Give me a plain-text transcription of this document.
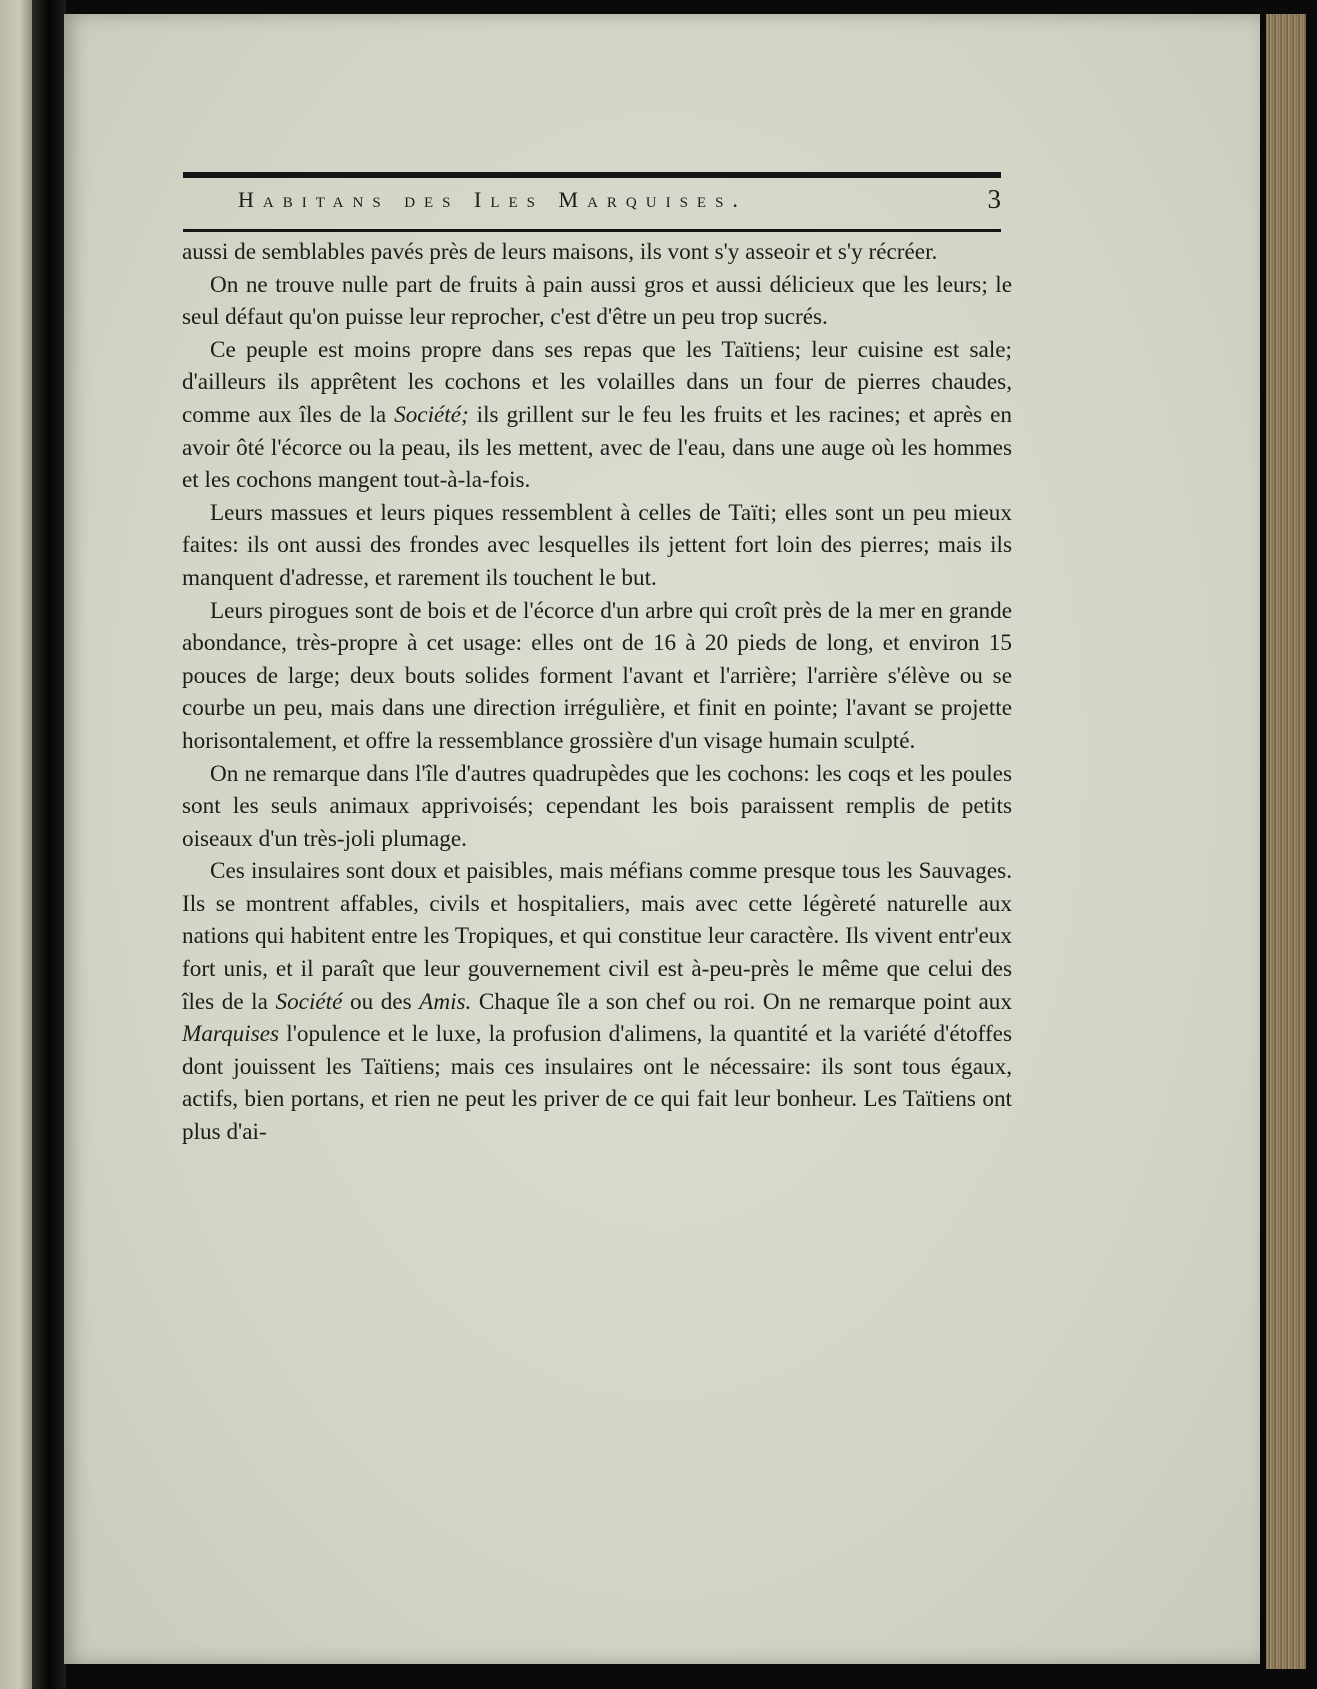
Habitans des Iles Marquises.	3

aussi de semblables pavés près de leurs maisons, ils vont s'y asseoir et s'y récréer.

On ne trouve nulle part de fruits à pain aussi gros et aussi délicieux que les leurs; le seul défaut qu'on puisse leur reprocher, c'est d'être un peu trop sucrés.

Ce peuple est moins propre dans ses repas que les Taïtiens; leur cuisine est sale; d'ailleurs ils apprêtent les cochons et les volailles dans un four de pierres chaudes, comme aux îles de la Société; ils grillent sur le feu les fruits et les racines; et après en avoir ôté l'écorce ou la peau, ils les mettent, avec de l'eau, dans une auge où les hommes et les cochons mangent tout-à-la-fois.

Leurs massues et leurs piques ressemblent à celles de Taïti; elles sont un peu mieux faites: ils ont aussi des frondes avec lesquelles ils jettent fort loin des pierres; mais ils manquent d'adresse, et rarement ils touchent le but.

Leurs pirogues sont de bois et de l'écorce d'un arbre qui croît près de la mer en grande abondance, très-propre à cet usage: elles ont de 16 à 20 pieds de long, et environ 15 pouces de large; deux bouts solides forment l'avant et l'arrière; l'arrière s'élève ou se courbe un peu, mais dans une direction irrégulière, et finit en pointe; l'avant se projette horisontalement, et offre la ressemblance grossière d'un visage humain sculpté.

On ne remarque dans l'île d'autres quadrupèdes que les cochons: les coqs et les poules sont les seuls animaux apprivoisés; cependant les bois paraissent remplis de petits oiseaux d'un très-joli plumage.

Ces insulaires sont doux et paisibles, mais méfians comme presque tous les Sauvages. Ils se montrent affables, civils et hospitaliers, mais avec cette légèreté naturelle aux nations qui habitent entre les Tropiques, et qui constitue leur caractère. Ils vivent entr'eux fort unis, et il paraît que leur gouvernement civil est à-peu-près le même que celui des îles de la Société ou des Amis. Chaque île a son chef ou roi. On ne remarque point aux Marquises l'opulence et le luxe, la profusion d'alimens, la quantité et la variété d'étoffes dont jouissent les Taïtiens; mais ces insulaires ont le nécessaire: ils sont tous égaux, actifs, bien portans, et rien ne peut les priver de ce qui fait leur bonheur. Les Taïtiens ont plus d'ai-
